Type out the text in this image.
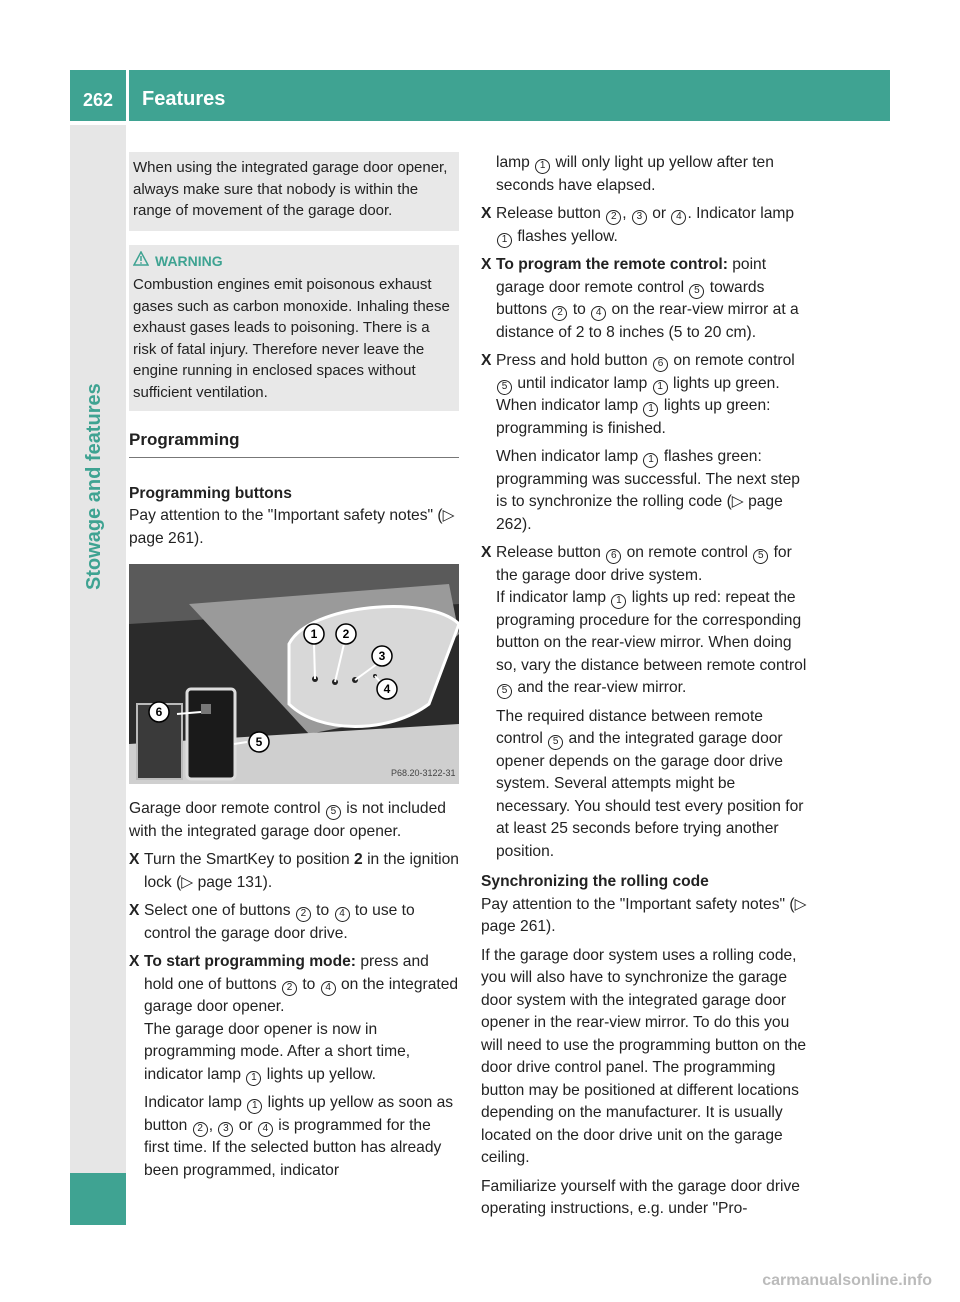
262	Features
Stowage and features

When using the integrated garage door opener, always make sure that nobody is within the range of movement of the garage door.

WARNING

Combustion engines emit poisonous exhaust gases such as carbon monoxide. Inhaling these exhaust gases leads to poisoning. There is a risk of fatal injury. Therefore never leave the engine running in enclosed spaces without sufficient ventilation.

Programming
Programming buttons

Pay attention to the "Important safety notes" (▷ page 261).

1 2
3
4
5
6
P68.20-3122-31

Garage door remote control 5 is not included with the integrated garage door opener.

X Turn the SmartKey to position 2 in the ignition lock (▷ page 131).
X Select one of buttons 2 to 4 to use to control the garage door drive.
X To start programming mode: press and hold one of buttons 2 to 4 on the integrated garage door opener.
The garage door opener is now in programming mode. After a short time, indicator lamp 1 lights up yellow.
Indicator lamp 1 lights up yellow as soon as button 2 , 3 or 4 is programmed for the first time. If the selected button has already been programmed, indicator
lamp 1 will only light up yellow after ten seconds have elapsed.
X Release button 2 , 3 or 4 . Indicator lamp 1 flashes yellow.
X To program the remote control: point garage door remote control 5 towards buttons 2 to 4 on the rear-view mirror at a distance of 2 to 8 inches (5 to 20 cm).
X Press and hold button 6 on remote control 5 until indicator lamp 1 lights up green. When indicator lamp 1 lights up green: programming is finished.
When indicator lamp 1 flashes green: programming was successful. The next step is to synchronize the rolling code (▷ page 262).
X Release button 6 on remote control 5 for the garage door drive system.
If indicator lamp 1 lights up red: repeat the programing procedure for the corresponding button on the rear-view mirror. When doing so, vary the distance between remote control 5 and the rear-view mirror.
The required distance between remote control 5 and the integrated garage door opener depends on the garage door drive system. Several attempts might be necessary. You should test every position for at least 25 seconds before trying another position.
Synchronizing the rolling code

Pay attention to the "Important safety notes" (▷ page 261).

If the garage door system uses a rolling code, you will also have to synchronize the garage door system with the integrated garage door opener in the rear-view mirror. To do this you will need to use the programming button on the door drive control panel. The programming button may be positioned at different locations depending on the manufacturer. It is usually located on the door drive unit on the garage ceiling.

Familiarize yourself with the garage door drive operating instructions, e.g. under "Pro-

carmanualsonline.info
